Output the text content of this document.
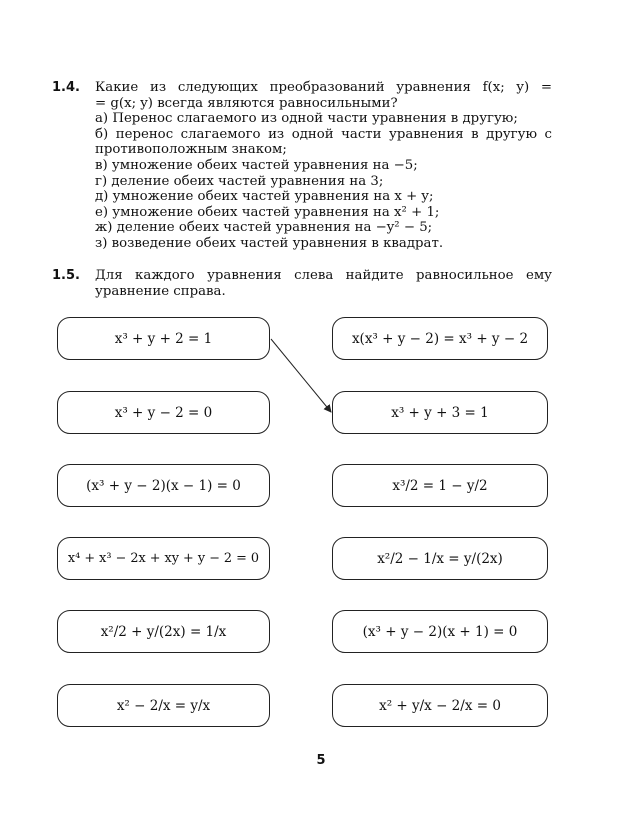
1.4. Какие из следующих преобразований уравнения f(x; y) =
= g(x; y) всегда являются равносильными?
а) Перенос слагаемого из одной части уравнения в другую;
б) перенос слагаемого из одной части уравнения в другую с
противоположным знаком;
в) умножение обеих частей уравнения на −5;
г) деление обеих частей уравнения на 3;
д) умножение обеих частей уравнения на x + y;
е) умножение обеих частей уравнения на x² + 1;
ж) деление обеих частей уравнения на −y² − 5;
з) возведение обеих частей уравнения в квадрат.
1.5. Для каждого уравнения слева найдите равносильное ему
уравнение справа.
x³ + y + 2 = 1
x³ + y − 2 = 0
(x³ + y − 2)(x − 1) = 0
x⁴ + x³ − 2x + xy + y − 2 = 0
x²/2 + y/(2x) = 1/x
x² − 2/x = y/x
x(x³ + y − 2) = x³ + y − 2
x³ + y + 3 = 1
x³/2 = 1 − y/2
x²/2 − 1/x = y/(2x)
(x³ + y − 2)(x + 1) = 0
x² + y/x − 2/x = 0
5
